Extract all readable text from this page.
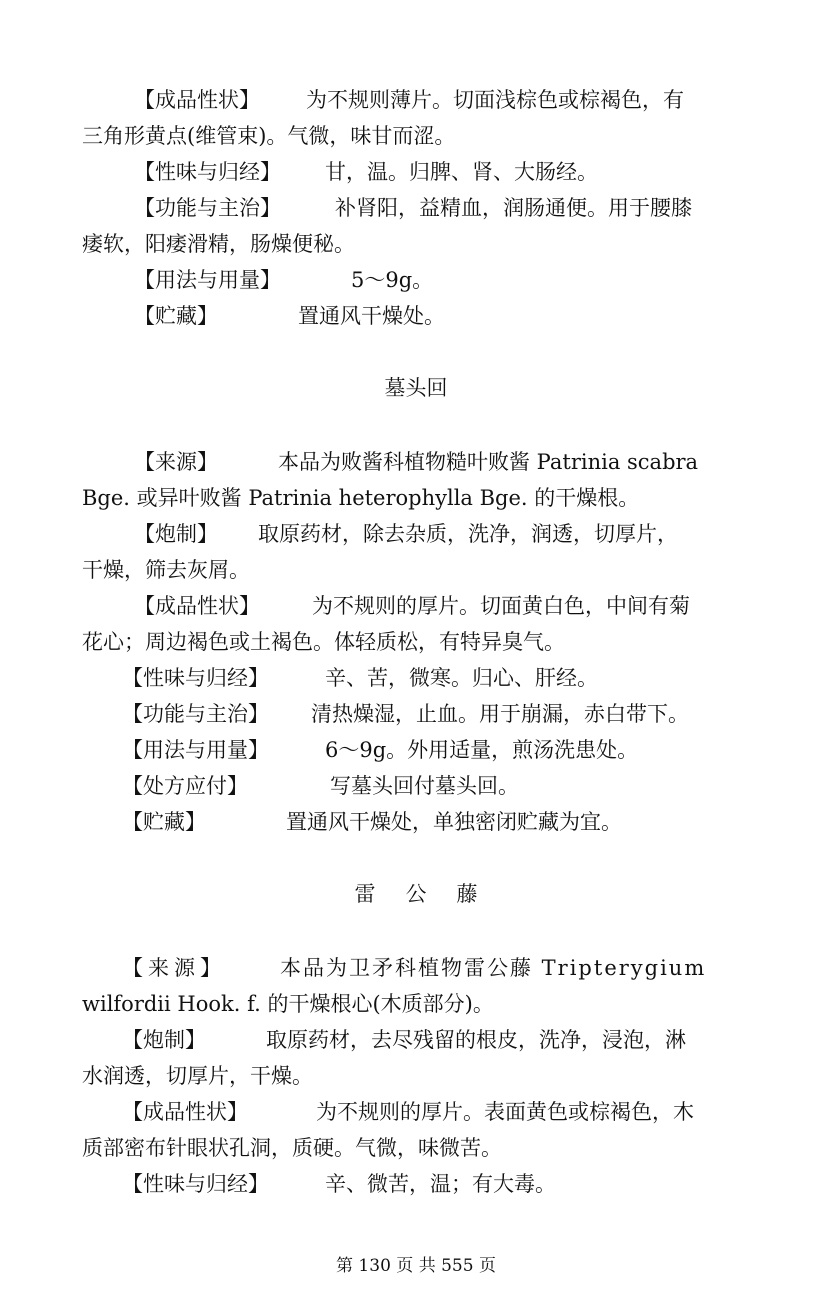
【成品性状】 为不规则薄片。切面浅棕色或棕褐色，有
三角形黄点(维管束)。气微，味甘而涩。
【性味与归经】 甘，温。归脾、肾、大肠经。
【功能与主治】	补肾阳，益精血，润肠通便。用于腰膝
痿软，阳痿滑精，肠燥便秘。
【用法与用量】	5～9g。
【贮藏】	置通风干燥处。
墓头回
【来源】	本品为败酱科植物糙叶败酱 Patrinia scabra
Bge. 或异叶败酱 Patrinia heterophylla Bge. 的干燥根。
【炮制】 取原药材，除去杂质，洗净，润透，切厚片，
干燥，筛去灰屑。
【成品性状】 为不规则的厚片。切面黄白色，中间有菊
花心；周边褐色或土褐色。体轻质松，有特异臭气。
【性味与归经】	辛、苦，微寒。归心、肝经。
【功能与主治】 清热燥湿，止血。用于崩漏，赤白带下。
【用法与用量】	6～9g。外用适量，煎汤洗患处。
【处方应付】	写墓头回付墓头回。
【贮藏】	置通风干燥处，单独密闭贮藏为宜。
雷公藤
【来源】	本品为卫矛科植物雷公藤 Tripterygium
wilfordii Hook. f. 的干燥根心(木质部分)。
【炮制】	取原药材，去尽残留的根皮，洗净，浸泡，淋
水润透，切厚片，干燥。
【成品性状】	为不规则的厚片。表面黄色或棕褐色，木
质部密布针眼状孔洞，质硬。气微，味微苦。
【性味与归经】	辛、微苦，温；有大毒。
第 130 页 共 555 页
